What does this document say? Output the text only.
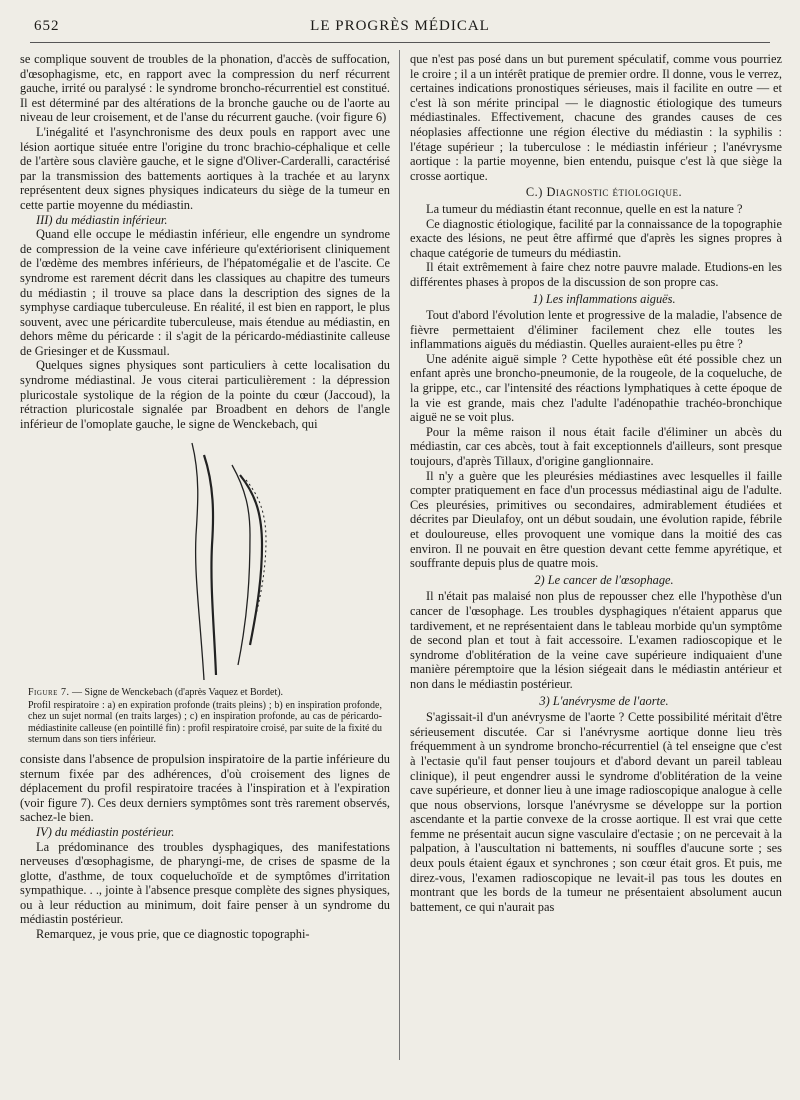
652	LE PROGRÈS MÉDICAL

se complique souvent de troubles de la phonation, d'accès de suffocation, d'œsophagisme, etc, en rapport avec la compression du nerf récurrent gauche, irrité ou paralysé : le syndrome broncho-récurrentiel est constitué. Il est déterminé par des altérations de la bronche gauche ou de l'aorte au niveau de leur croisement, et de l'anse du récurrent gauche. (voir figure 6)

L'inégalité et l'asynchronisme des deux pouls en rapport avec une lésion aortique située entre l'origine du tronc brachio-céphalique et celle de l'artère sous clavière gauche, et le signe d'Oliver-Carderalli, caractérisé par la transmission des battements aortiques à la trachée et au larynx représentent deux signes physiques indicateurs du siège de la tumeur en cette partie moyenne du médiastin.

III) du médiastin inférieur.

Quand elle occupe le médiastin inférieur, elle engendre un syndrome de compression de la veine cave inférieure qu'extériorisent cliniquement de l'œdème des membres inférieurs, de l'hépatomégalie et de l'ascite. Ce syndrome est rarement décrit dans les classiques au chapitre des tumeurs du médiastin ; il trouve sa place dans la description des signes de la symphyse cardiaque tuberculeuse. En réalité, il est bien en rapport, le plus souvent, avec une péricardite tuberculeuse, mais étendue au médiastin, en dehors même du péricarde : il s'agit de la péricardo-médiastinite calleuse de Griesinger et de Kussmaul.

Quelques signes physiques sont particuliers à cette localisation du syndrome médiastinal. Je vous citerai particulièrement : la dépression pluricostale systolique de la région de la pointe du cœur (Jaccoud), la rétraction pluricostale signalée par Broadbent en dehors de l'angle inférieur de l'omoplate gauche, le signe de Wenckebach, qui

Figure 7. — Signe de Wenckebach (d'après Vaquez et Bordet).
Profil respiratoire : a) en expiration profonde (traits pleins) ; b) en inspiration profonde, chez un sujet normal (en traits larges) ; c) en inspiration profonde, au cas de péricardo-médiastinite calleuse (en pointillé fin) : profil respiratoire croisé, par suite de la fixité du sternum dans son tiers inférieur.

consiste dans l'absence de propulsion inspiratoire de la partie inférieure du sternum fixée par des adhérences, d'où croisement des lignes de déplacement du profil respiratoire tracées à l'inspiration et à l'expiration (voir figure 7). Ces deux derniers symptômes sont très rarement observés, sachez-le bien.

IV) du médiastin postérieur.

La prédominance des troubles dysphagiques, des manifestations nerveuses d'œsophagisme, de pharyngi-me, de crises de spasme de la glotte, d'asthme, de toux coqueluchoïde et de symptômes d'irritation sympathique. . ., jointe à l'absence presque complète des signes physiques, ou à leur réduction au minimum, doit faire penser à un syndrome du médiastin postérieur.

Remarquez, je vous prie, que ce diagnostic topographi-

que n'est pas posé dans un but purement spéculatif, comme vous pourriez le croire ; il a un intérêt pratique de premier ordre. Il donne, vous le verrez, certaines indications pronostiques sérieuses, mais il facilite en outre — et c'est là son mérite principal — le diagnostic étiologique des tumeurs médiastinales. Effectivement, chacune des grandes causes de ces néoplasies affectionne une région élective du médiastin : la syphilis : l'étage supérieur ; la tuberculose : le médiastin inférieur ; l'anévrysme aortique : la partie moyenne, bien entendu, puisque c'est là que siège la crosse aortique.

C.) Diagnostic étiologique.

La tumeur du médiastin étant reconnue, quelle en est la nature ?

Ce diagnostic étiologique, facilité par la connaissance de la topographie exacte des lésions, ne peut être affirmé que d'après les signes propres à chaque catégorie de tumeurs du médiastin.

Il était extrêmement à faire chez notre pauvre malade. Etudions-en les différentes phases à propos de la discussion de son propre cas.

1) Les inflammations aiguës.

Tout d'abord l'évolution lente et progressive de la maladie, l'absence de fièvre permettaient d'éliminer facilement chez elle toutes les inflammations aiguës du médiastin. Quelles auraient-elles pu être ?

Une adénite aiguë simple ? Cette hypothèse eût été possible chez un enfant après une broncho-pneumonie, de la rougeole, de la coqueluche, de la grippe, etc., car l'intensité des réactions lymphatiques à cette époque de la vie est grande, mais chez l'adulte l'adénopathie trachéo-bronchique aiguë ne se voit plus.

Pour la même raison il nous était facile d'éliminer un abcès du médiastin, car ces abcès, tout à fait exceptionnels d'ailleurs, sont presque toujours, d'après Tillaux, d'origine ganglionnaire.

Il n'y a guère que les pleurésies médiastines avec lesquelles il faille compter pratiquement en face d'un processus médiastinal aigu de l'adulte. Ces pleurésies, primitives ou secondaires, admirablement étudiées et décrites par Dieulafoy, ont un début soudain, une évolution rapide, fébrile et douloureuse, elles provoquent une vomique dans la moitié des cas environ. Il ne pouvait en être question devant cette femme apyrétique, et souffrante depuis plus de quatre mois.

2) Le cancer de l'œsophage.

Il n'était pas malaisé non plus de repousser chez elle l'hypothèse d'un cancer de l'œsophage. Les troubles dysphagiques n'étaient apparus que tardivement, et ne représentaient dans le tableau morbide qu'un symptôme de second plan et tout à fait accessoire. L'examen radioscopique et le syndrome d'oblitération de la veine cave supérieure indiquaient d'une manière péremptoire que la lésion siégeait dans le médiastin antérieur et non dans le médiastin postérieur.

3) L'anévrysme de l'aorte.

S'agissait-il d'un anévrysme de l'aorte ? Cette possibilité méritait d'être sérieusement discutée. Car si l'anévrysme aortique donne lieu très fréquemment à un syndrome broncho-récurrentiel (à tel enseigne que c'est à l'ectasie qu'il faut penser toujours et d'abord devant un pareil tableau clinique), il peut engendrer aussi le syndrome d'oblitération de la veine cave supérieure, et donner lieu à une image radioscopique analogue à celle que nous observions, lorsque l'anévrysme se développe sur la portion ascendante et la partie convexe de la crosse aortique. Il est vrai que cette femme ne présentait aucun signe vasculaire d'ectasie ; on ne percevait à la palpation, à l'auscultation ni battements, ni souffles d'aucune sorte ; ses deux pouls étaient égaux et synchrones ; son cœur était gros. Et puis, me direz-vous, l'examen radioscopique ne levait-il pas tous les doutes en montrant que les bords de la tumeur ne présentaient absolument aucun battement, ce qui n'aurait pas
